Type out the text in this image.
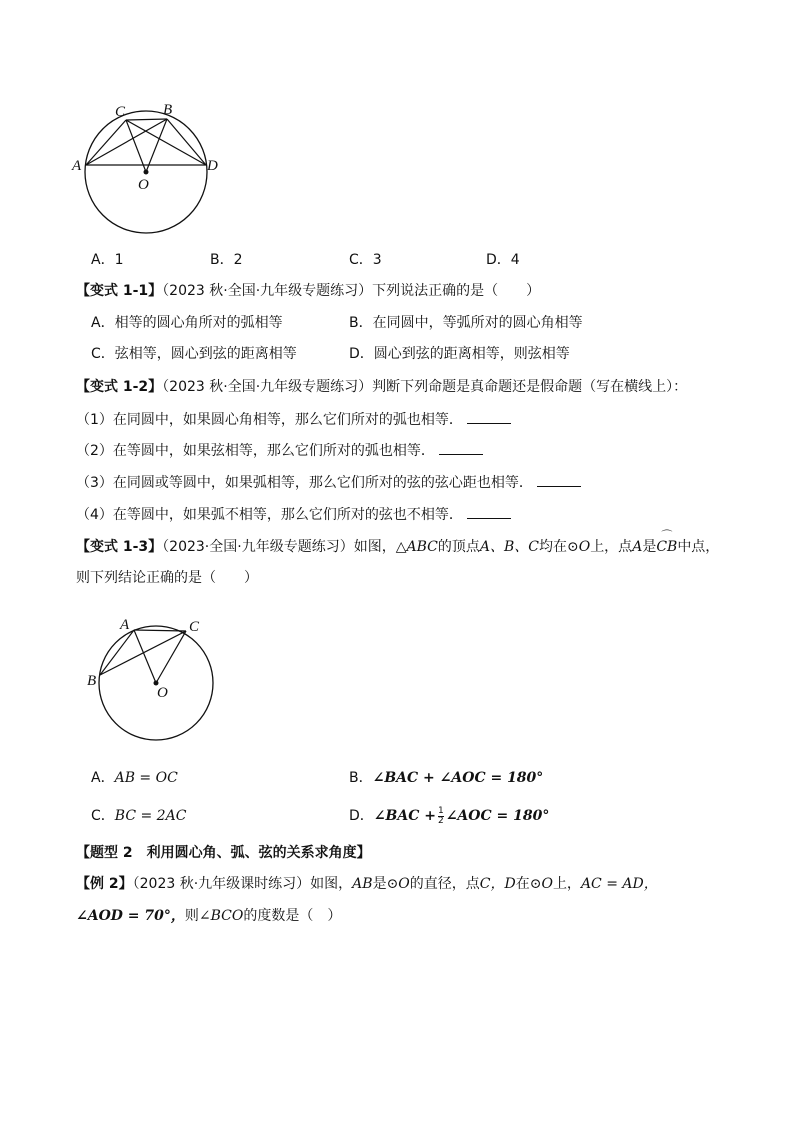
A
C	B
D
O
A．1	B．2	C．3	D．4
【变式 1-1】（2023 秋·全国·九年级专题练习）下列说法正确的是（　　）
A．相等的圆心角所对的弧相等	B．在同圆中，等弧所对的圆心角相等
C．弦相等，圆心到弦的距离相等	D．圆心到弦的距离相等，则弦相等
【变式 1-2】（2023 秋·全国·九年级专题练习）判断下列命题是真命题还是假命题（写在横线上）：
（1）在同圆中，如果圆心角相等，那么它们所对的弧也相等．
（2）在等圆中，如果弦相等，那么它们所对的弧也相等．
（3）在同圆或等圆中，如果弧相等，那么它们所对的弦的弦心距也相等．
（4）在等圆中，如果弧不相等，那么它们所对的弦也不相等．
【变式 1-3】（2023·全国·九年级专题练习）如图，△ABC的顶点A、B、C均在⊙O上，点A是⌒ CB中点，
则下列结论正确的是（　　）
A	C
B
O
A．AB = OC	B．∠BAC + ∠AOC = 180°
C．BC = 2AC	D．∠BAC + $\frac{1}{2}$ ∠AOC = 180°
【题型 2　利用圆心角、弧、弦的关系求角度】
【例 2】（2023 秋·九年级课时练习）如图，AB是⊙O的直径，点C，D在⊙O上，AC = AD，
∠AOD = 70°，则∠BCO的度数是（　）
